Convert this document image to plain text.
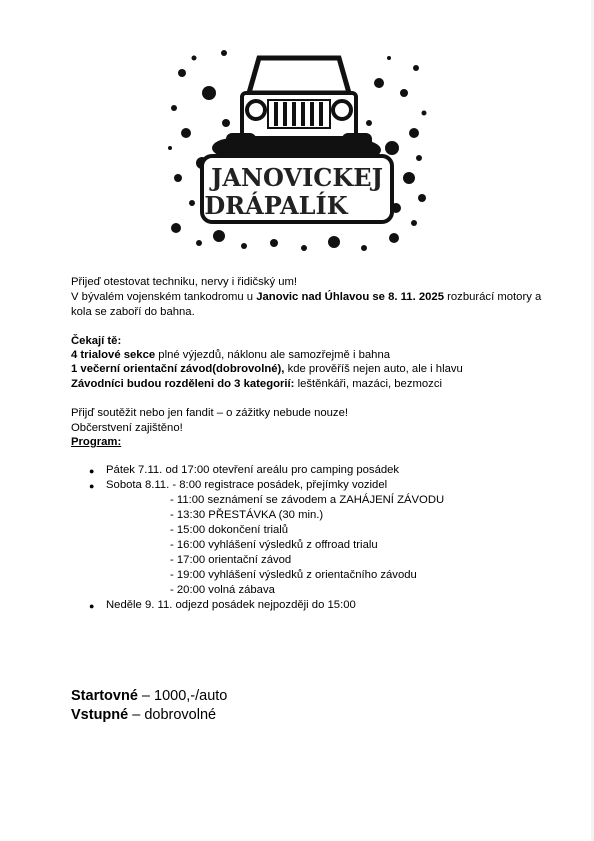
JANOVICKEJ
DRÁPALÍK
Přijeď otestovat techniku, nervy i řidičský um!
V bývalém vojenském tankodromu u Janovic nad Úhlavou se 8. 11. 2025 rozburácí motory a
kola se zaboří do bahna.
Čekají tě:
4 trialové sekce plné výjezdů, náklonu ale samozřejmě i bahna
1 večerní orientační závod(dobrovolné), kde prověříš nejen auto, ale i hlavu
Závodníci budou rozděleni do 3 kategorií: leštěnkáři, mazáci, bezmozci
Přijď soutěžit nebo jen fandit – o zážitky nebude nouze!
Občerstvení zajištěno!
Program:
● Pátek 7.11. od 17:00 otevření areálu pro camping posádek
● Sobota 8.11. - 8:00 registrace posádek, přejímky vozidel
- 11:00 seznámení se závodem a ZAHÁJENÍ ZÁVODU
- 13:30 PŘESTÁVKA (30 min.)
- 15:00 dokončení trialů
- 16:00 vyhlášení výsledků z offroad trialu
- 17:00 orientační závod
- 19:00 vyhlášení výsledků z orientačního závodu
- 20:00 volná zábava
● Neděle 9. 11. odjezd posádek nejpozději do 15:00
Startovné – 1000,-/auto
Vstupné – dobrovolné
